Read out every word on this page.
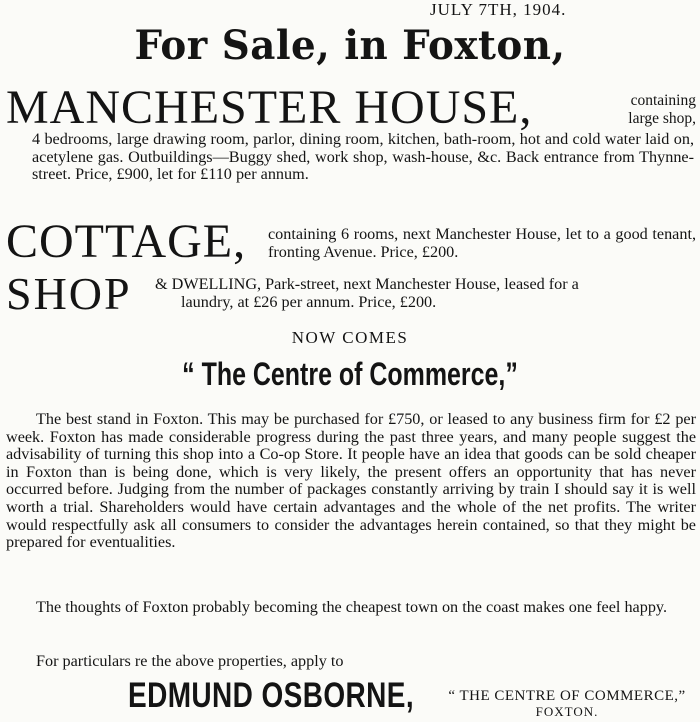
JULY 7TH, 1904.
For Sale, in Foxton,
MANCHESTER HOUSE,	containing
large shop,

4 bedrooms, large drawing room, parlor, dining room, kitchen, bath-room, hot and cold water laid on, acetylene gas. Outbuildings—Buggy shed, work shop, wash-house, &c. Back entrance from Thynne-street. Price, £900, let for £110 per annum.

COTTAGE, containing 6 rooms, next Manchester House, let to a good tenant, fronting Avenue. Price, £200.
SHOP & DWELLING, Park-street, next Manchester House, leased for a
laundry, at £26 per annum. Price, £200.
NOW COMES
“ The Centre of Commerce,”

The best stand in Foxton. This may be purchased for £750, or leased to any business firm for £2 per week. Foxton has made considerable progress during the past three years, and many people suggest the advisability of turning this shop into a Co-op Store. It people have an idea that goods can be sold cheaper in Foxton than is being done, which is very likely, the present offers an opportunity that has never occurred before. Judging from the number of packages constantly arriving by train I should say it is well worth a trial. Shareholders would have certain advantages and the whole of the net profits. The writer would respectfully ask all consumers to consider the advantages herein contained, so that they might be prepared for eventualities.

The thoughts of Foxton probably becoming the cheapest town on the coast makes one feel happy.

For particulars re the above properties, apply to
EDMUND OSBORNE,	“ THE CENTRE OF COMMERCE,”
FOXTON.
